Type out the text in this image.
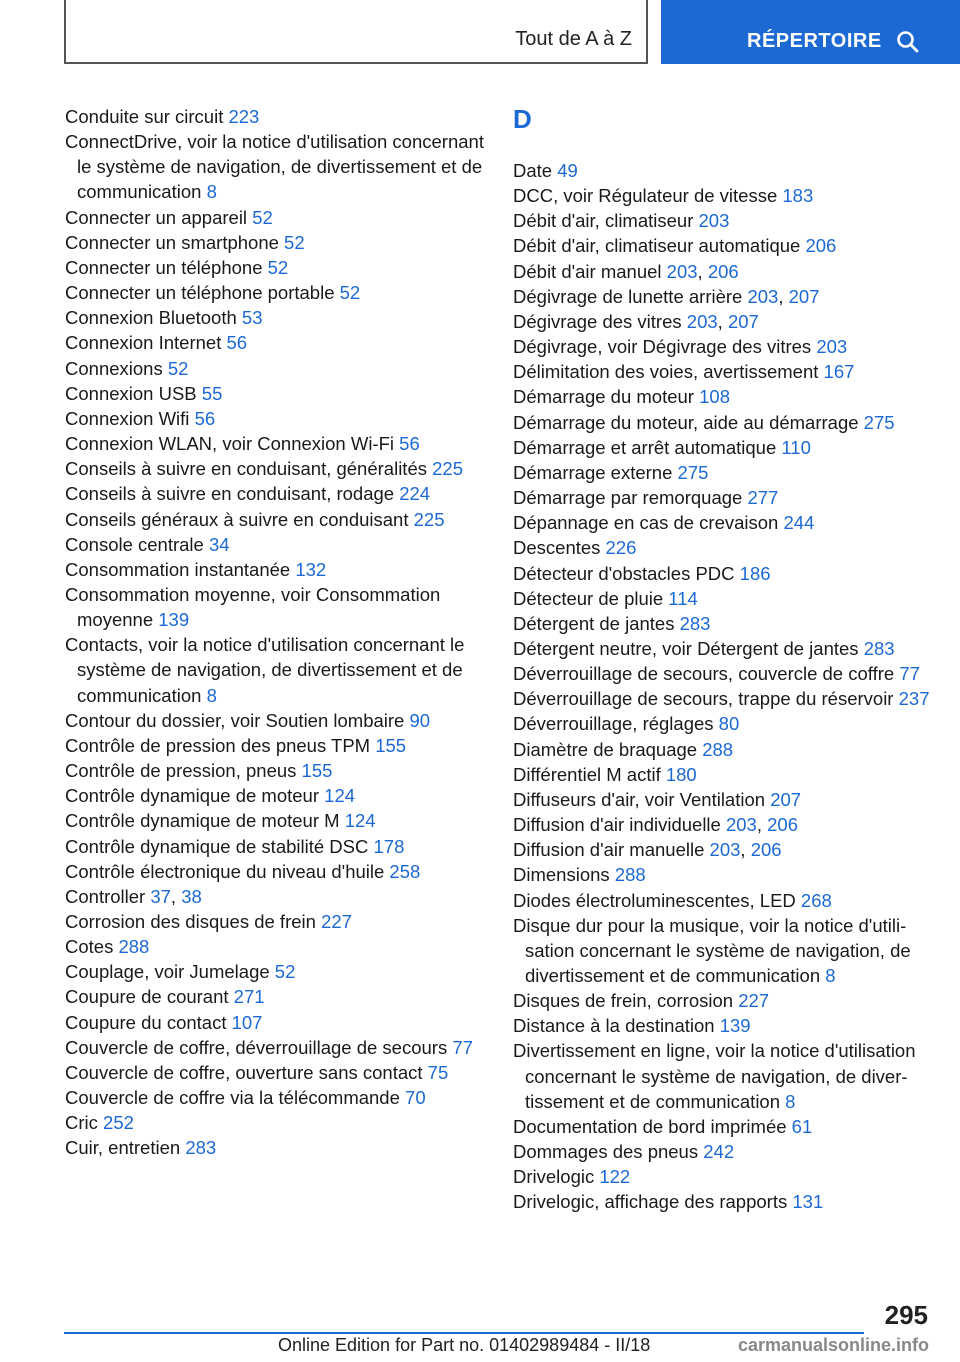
Tout de A à Z	RÉPERTOIRE
Conduite sur circuit 223
ConnectDrive, voir la notice d'utilisation concernant le système de navigation, de divertissement et de communication 8
Connecter un appareil 52
Connecter un smartphone 52
Connecter un téléphone 52
Connecter un téléphone portable 52
Connexion Bluetooth 53
Connexion Internet 56
Connexions 52
Connexion USB 55
Connexion Wifi 56
Connexion WLAN, voir Connexion Wi-Fi 56
Conseils à suivre en conduisant, généralités 225
Conseils à suivre en conduisant, rodage 224
Conseils généraux à suivre en conduisant 225
Console centrale 34
Consommation instantanée 132
Consommation moyenne, voir Consommation moyenne 139
Contacts, voir la notice d'utilisation concernant le système de navigation, de divertissement et de communication 8
Contour du dossier, voir Soutien lombaire 90
Contrôle de pression des pneus TPM 155
Contrôle de pression, pneus 155
Contrôle dynamique de moteur 124
Contrôle dynamique de moteur M 124
Contrôle dynamique de stabilité DSC 178
Contrôle électronique du niveau d'huile 258
Controller 37, 38
Corrosion des disques de frein 227
Cotes 288
Couplage, voir Jumelage 52
Coupure de courant 271
Coupure du contact 107
Couvercle de coffre, déverrouillage de secours 77
Couvercle de coffre, ouverture sans contact 75
Couvercle de coffre via la télécommande 70
Cric 252
Cuir, entretien 283
D
Date 49
DCC, voir Régulateur de vitesse 183
Débit d'air, climatiseur 203
Débit d'air, climatiseur automatique 206
Débit d'air manuel 203, 206
Dégivrage de lunette arrière 203, 207
Dégivrage des vitres 203, 207
Dégivrage, voir Dégivrage des vitres 203
Délimitation des voies, avertissement 167
Démarrage du moteur 108
Démarrage du moteur, aide au démarrage 275
Démarrage et arrêt automatique 110
Démarrage externe 275
Démarrage par remorquage 277
Dépannage en cas de crevaison 244
Descentes 226
Détecteur d'obstacles PDC 186
Détecteur de pluie 114
Détergent de jantes 283
Détergent neutre, voir Détergent de jantes 283
Déverrouillage de secours, couvercle de coffre 77
Déverrouillage de secours, trappe du réservoir 237
Déverrouillage, réglages 80
Diamètre de braquage 288
Différentiel M actif 180
Diffuseurs d'air, voir Ventilation 207
Diffusion d'air individuelle 203, 206
Diffusion d'air manuelle 203, 206
Dimensions 288
Diodes électroluminescentes, LED 268
Disque dur pour la musique, voir la notice d'utilisation concernant le système de navigation, de divertissement et de communication 8
Disques de frein, corrosion 227
Distance à la destination 139
Divertissement en ligne, voir la notice d'utilisation concernant le système de navigation, de divertissement et de communication 8
Documentation de bord imprimée 61
Dommages des pneus 242
Drivelogic 122
Drivelogic, affichage des rapports 131
295
Online Edition for Part no. 01402989484 - II/18	carmanualsonline.info
